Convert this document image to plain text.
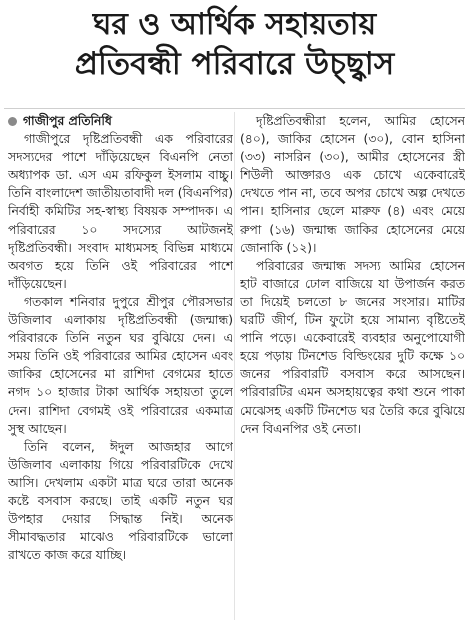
ঘর ও আর্থিক সহায়তায়
প্রতিবন্ধী পরিবারে উচ্ছ্বাস
গাজীপুর প্রতিনিধি

গাজীপুরে দৃষ্টিপ্রতিবন্ধী এক পরিবারের সদস্যদের পাশে দাঁড়িয়েছেন বিএনপি নেতা অধ্যাপক ডা. এস এম রফিকুল ইসলাম বাচ্চু। তিনি বাংলাদেশ জাতীয়তাবাদী দল (বিএনপির) নির্বাহী কমিটির সহ-স্বাস্থ্য বিষয়ক সম্পাদক। এ পরিবারের ১০ সদস্যের আটজনই দৃষ্টিপ্রতিবন্ধী। সংবাদ মাধ্যমসহ বিভিন্ন মাধ্যমে অবগত হয়ে তিনি ওই পরিবারের পাশে দাঁড়িয়েছেন।

গতকাল শনিবার দুপুরে শ্রীপুর পৌরসভার উজিলাব এলাকায় দৃষ্টিপ্রতিবন্ধী (জন্মান্ধ) পরিবারকে তিনি নতুন ঘর বুঝিয়ে দেন। এ সময় তিনি ওই পরিবারের আমির হোসেন এবং জাকির হোসেনের মা রাশিদা বেগমের হাতে নগদ ১০ হাজার টাকা আর্থিক সহায়তা তুলে দেন। রাশিদা বেগমই ওই পরিবারের একমাত্র সুস্থ আছেন।

তিনি বলেন, ঈদুল আজহার আগে উজিলাব এলাকায় গিয়ে পরিবারটিকে দেখে আসি। দেখলাম একটা মাত্র ঘরে তারা অনেক কষ্টে বসবাস করছে। তাই একটি নতুন ঘর উপহার দেয়ার সিদ্ধান্ত নিই। অনেক সীমাবদ্ধতার মাঝেও পরিবারটিকে ভালো রাখতে কাজ করে যাচ্ছি।

দৃষ্টিপ্রতিবন্ধীরা হলেন, আমির হোসেন (৪০), জাকির হোসেন (৩০), বোন হাসিনা (৩৩) নাসরিন (৩০), আমীর হোসেনের স্ত্রী শিউলী আক্তারও এক চোখে একেবারেই দেখতে পান না, তবে অপর চোখে অল্প দেখতে পান। হাসিনার ছেলে মারুফ (৪) এবং মেয়ে রুপা (১৬) জন্মান্ধ জাকির হোসেনের মেয়ে জোনাকি (১২)।

পরিবারের জন্মান্ধ সদস্য আমির হোসেন হাট বাজারে ঢোল বাজিয়ে যা উপার্জন করত তা দিয়েই চলতো ৮ জনের সংসার। মাটির ঘরটি জীর্ণ, টিন ফুটো হয়ে সামান্য বৃষ্টিতেই পানি পড়ে। একেবারেই ব্যবহার অনুপোযোগী হয়ে পড়ায় টিনশেড বিল্ডিংয়ের দুটি কক্ষে ১০ জনের পরিবারটি বসবাস করে আসছেন। পরিবারটির এমন অসহায়ত্বের কথা শুনে পাকা মেঝেসহ একটি টিনশেড ঘর তৈরি করে বুঝিয়ে দেন বিএনপির ওই নেতা।
